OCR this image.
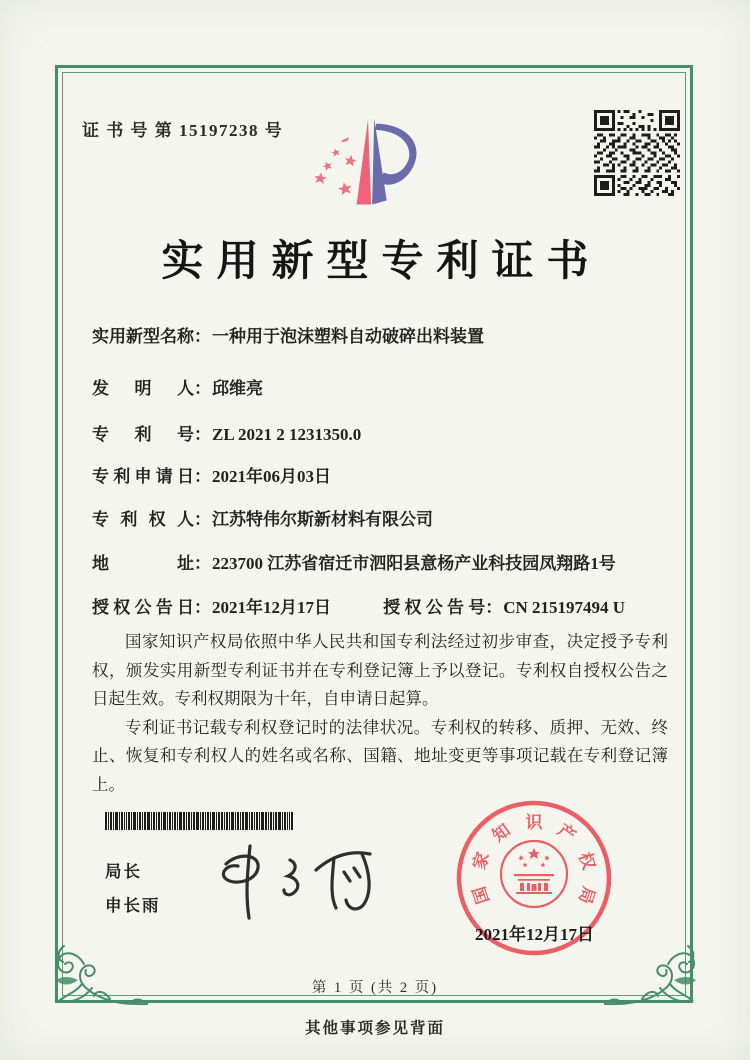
证 书 号 第 15197238 号
实用新型专利证书
实用新型名称：一种用于泡沫塑料自动破碎出料装置
发明人：邱维亮
专利号：ZL 2021 2 1231350.0
专利申请日：2021年06月03日
专利权人：江苏特伟尔斯新材料有限公司
地址：223700 江苏省宿迁市泗阳县意杨产业科技园凤翔路1号
授权公告日：2021年12月17日	授权公告号：CN 215197494 U

国家知识产权局依照中华人民共和国专利法经过初步审查，决定授予专利权，颁发实用新型专利证书并在专利登记簿上予以登记。专利权自授权公告之日起生效。专利权期限为十年，自申请日起算。

专利证书记载专利权登记时的法律状况。专利权的转移、质押、无效、终止、恢复和专利权人的姓名或名称、国籍、地址变更等事项记载在专利登记簿上。

局长
申长雨	国
家
知 识 产
权
局
2021年12月17日
第 1 页 (共 2 页)
其他事项参见背面
